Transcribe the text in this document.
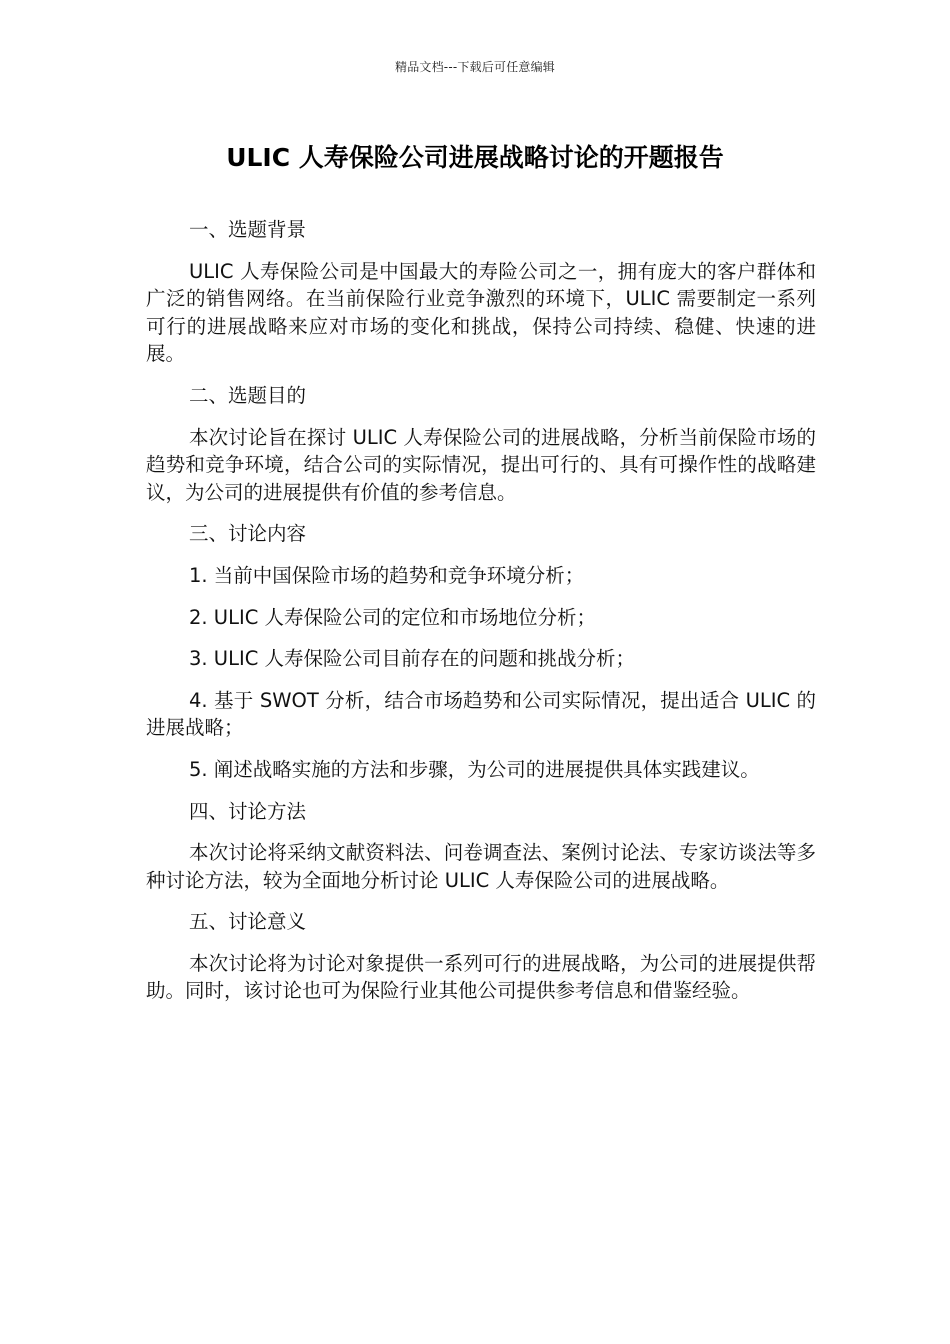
精品文档---下载后可任意编辑
ULIC 人寿保险公司进展战略讨论的开题报告
一、选题背景

ULIC 人寿保险公司是中国最大的寿险公司之一，拥有庞大的客户群体和广泛的销售网络。在当前保险行业竞争激烈的环境下，ULIC 需要制定一系列可行的进展战略来应对市场的变化和挑战，保持公司持续、稳健、快速的进展。

二、选题目的

本次讨论旨在探讨 ULIC 人寿保险公司的进展战略，分析当前保险市场的趋势和竞争环境，结合公司的实际情况，提出可行的、具有可操作性的战略建议，为公司的进展提供有价值的参考信息。

三、讨论内容

1. 当前中国保险市场的趋势和竞争环境分析；

2. ULIC 人寿保险公司的定位和市场地位分析；

3. ULIC 人寿保险公司目前存在的问题和挑战分析；

4. 基于 SWOT 分析，结合市场趋势和公司实际情况，提出适合 ULIC 的进展战略；

5. 阐述战略实施的方法和步骤，为公司的进展提供具体实践建议。

四、讨论方法

本次讨论将采纳文献资料法、问卷调查法、案例讨论法、专家访谈法等多种讨论方法，较为全面地分析讨论 ULIC 人寿保险公司的进展战略。

五、讨论意义

本次讨论将为讨论对象提供一系列可行的进展战略，为公司的进展提供帮助。同时，该讨论也可为保险行业其他公司提供参考信息和借鉴经验。
